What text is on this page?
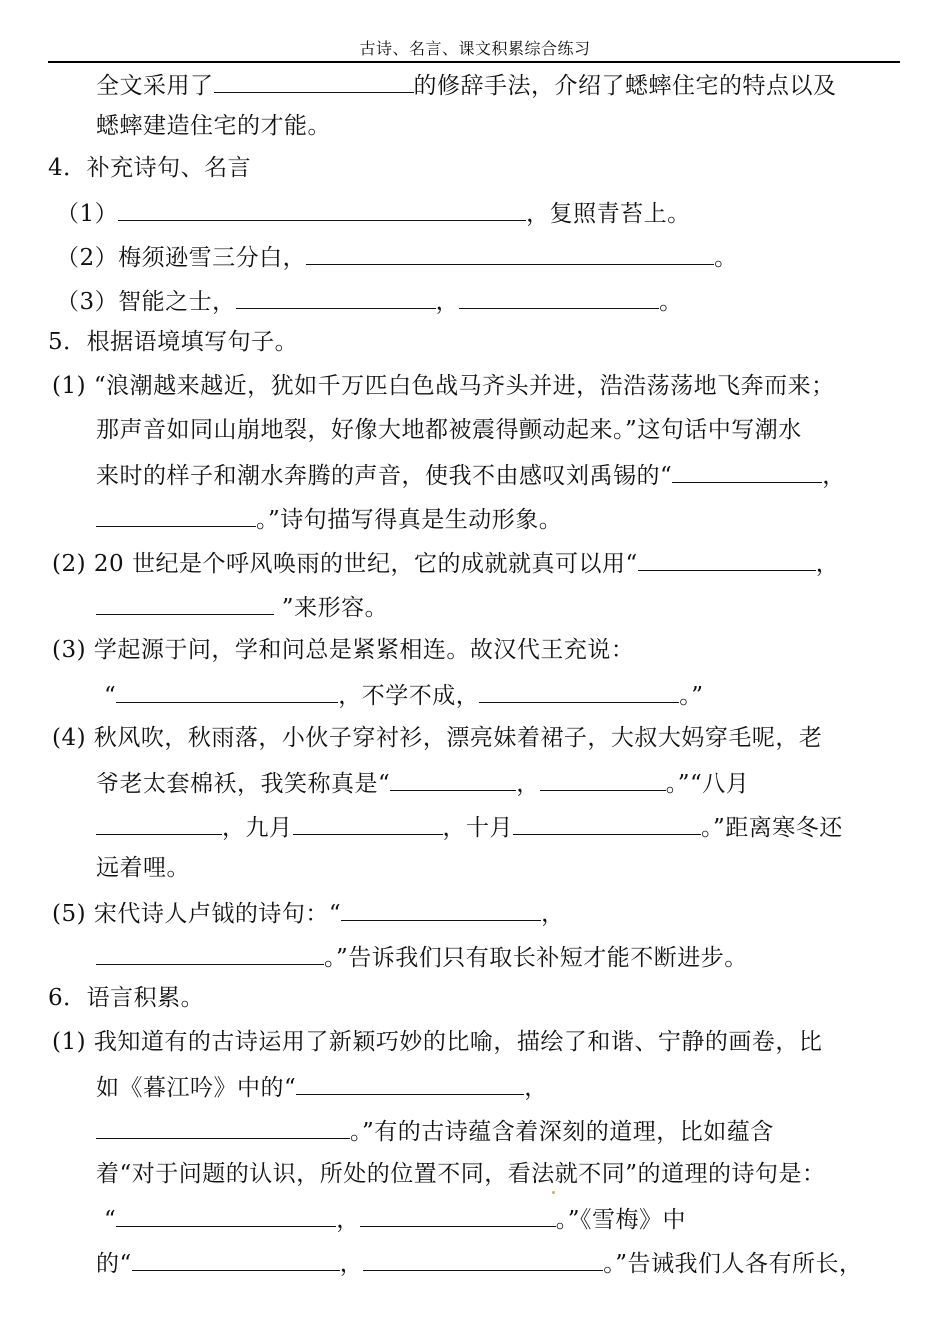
古诗、名言、课文积累综合练习
全文采用了	的修辞手法，介绍了蟋蟀住宅的特点以及
蟋蟀建造住宅的才能。
4．补充诗句、名言
（1）	，复照青苔上。
（2）梅须逊雪三分白，	。
（3）智能之士，	，	。
5．根据语境填写句子。
(1) “浪潮越来越近，犹如千万匹白色战马齐头并进，浩浩荡荡地飞奔而来；
那声音如同山崩地裂，好像大地都被震得颤动起来。”这句话中写潮水
来时的样子和潮水奔腾的声音，使我不由感叹刘禹锡的“	，
。”诗句描写得真是生动形象。
(2) 20 世纪是个呼风唤雨的世纪，它的成就就真可以用“	，
”来形容。
(3) 学起源于问，学和问总是紧紧相连。故汉代王充说：
“	，不学不成，	。”
(4) 秋风吹，秋雨落，小伙子穿衬衫，漂亮妹着裙子，大叔大妈穿毛呢，老
爷老太套棉袄，我笑称真是“	，	。”“八月
，九月	，十月	。”距离寒冬还
远着哩。
(5) 宋代诗人卢钺的诗句：“	，
。”告诉我们只有取长补短才能不断进步。
6．语言积累。
(1) 我知道有的古诗运用了新颖巧妙的比喻，描绘了和谐、宁静的画卷，比
如《暮江吟》中的“	，
。”有的古诗蕴含着深刻的道理，比如蕴含
着“对于问题的认识，所处的位置不同，看法就不同”的道理的诗句是：
“	，	。”《雪梅》中
的“	，	。”告诫我们人各有所长，
